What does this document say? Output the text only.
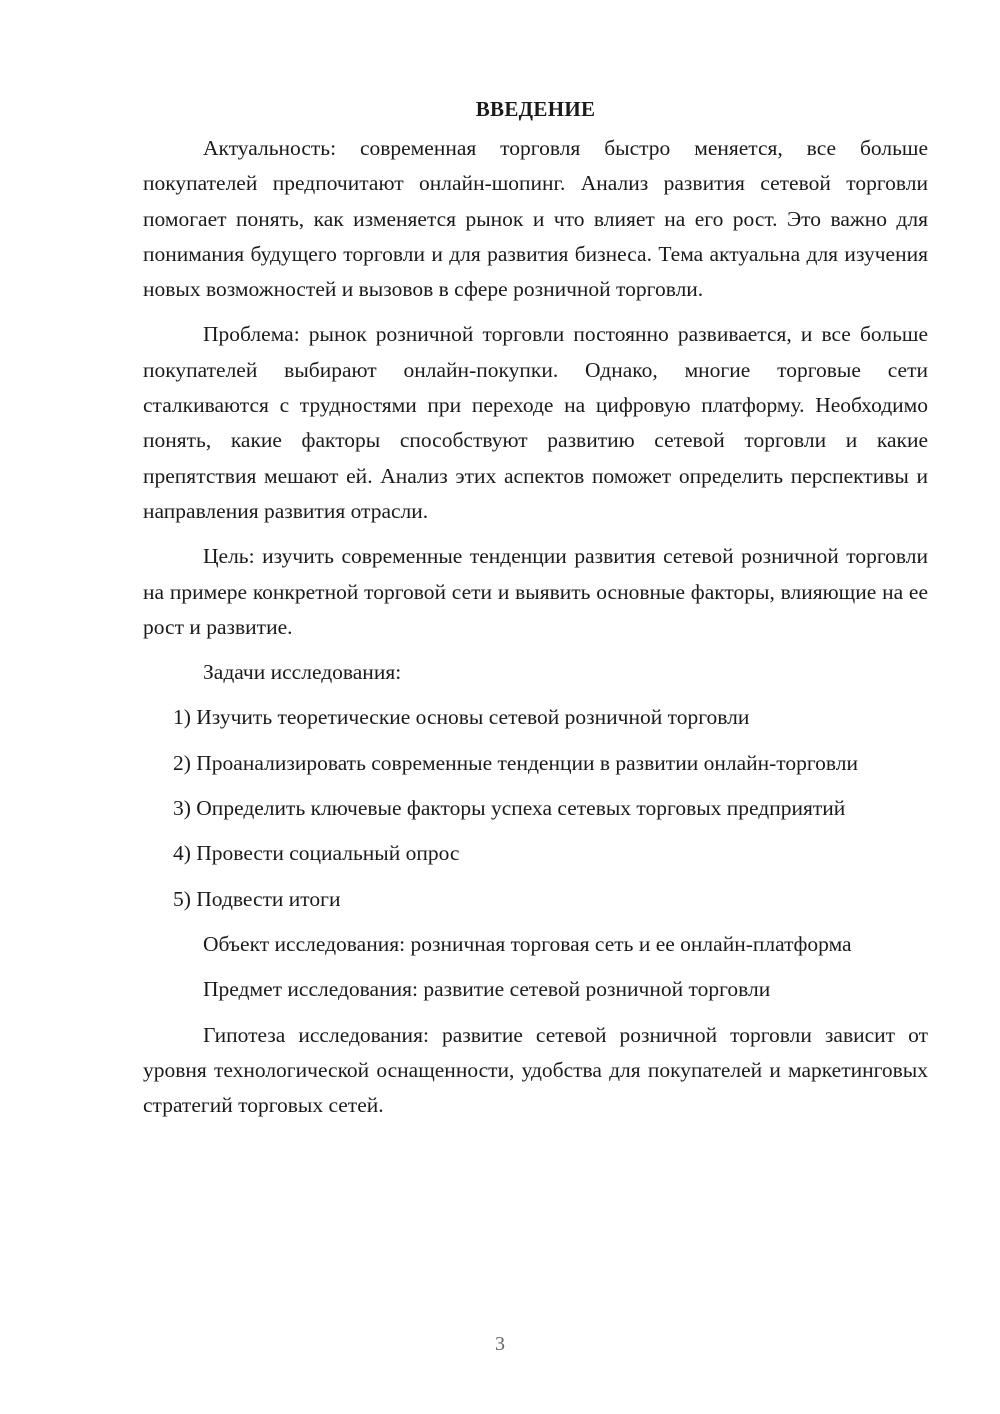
ВВЕДЕНИЕ

Актуальность: современная торговля быстро меняется, все больше покупателей предпочитают онлайн-шопинг. Анализ развития сетевой торговли помогает понять, как изменяется рынок и что влияет на его рост. Это важно для понимания будущего торговли и для развития бизнеса. Тема актуальна для изучения новых возможностей и вызовов в сфере розничной торговли.

Проблема: рынок розничной торговли постоянно развивается, и все больше покупателей выбирают онлайн-покупки. Однако, многие торговые сети сталкиваются с трудностями при переходе на цифровую платформу. Необходимо понять, какие факторы способствуют развитию сетевой торговли и какие препятствия мешают ей. Анализ этих аспектов поможет определить перспективы и направления развития отрасли.

Цель: изучить современные тенденции развития сетевой розничной торговли на примере конкретной торговой сети и выявить основные факторы, влияющие на ее рост и развитие.

Задачи исследования:

1) Изучить теоретические основы сетевой розничной торговли

2) Проанализировать современные тенденции в развитии онлайн-торговли

3) Определить ключевые факторы успеха сетевых торговых предприятий

4) Провести социальный опрос

5) Подвести итоги

Объект исследования: розничная торговая сеть и ее онлайн-платформа

Предмет исследования: развитие сетевой розничной торговли

Гипотеза исследования: развитие сетевой розничной торговли зависит от уровня технологической оснащенности, удобства для покупателей и маркетинговых стратегий торговых сетей.

3
